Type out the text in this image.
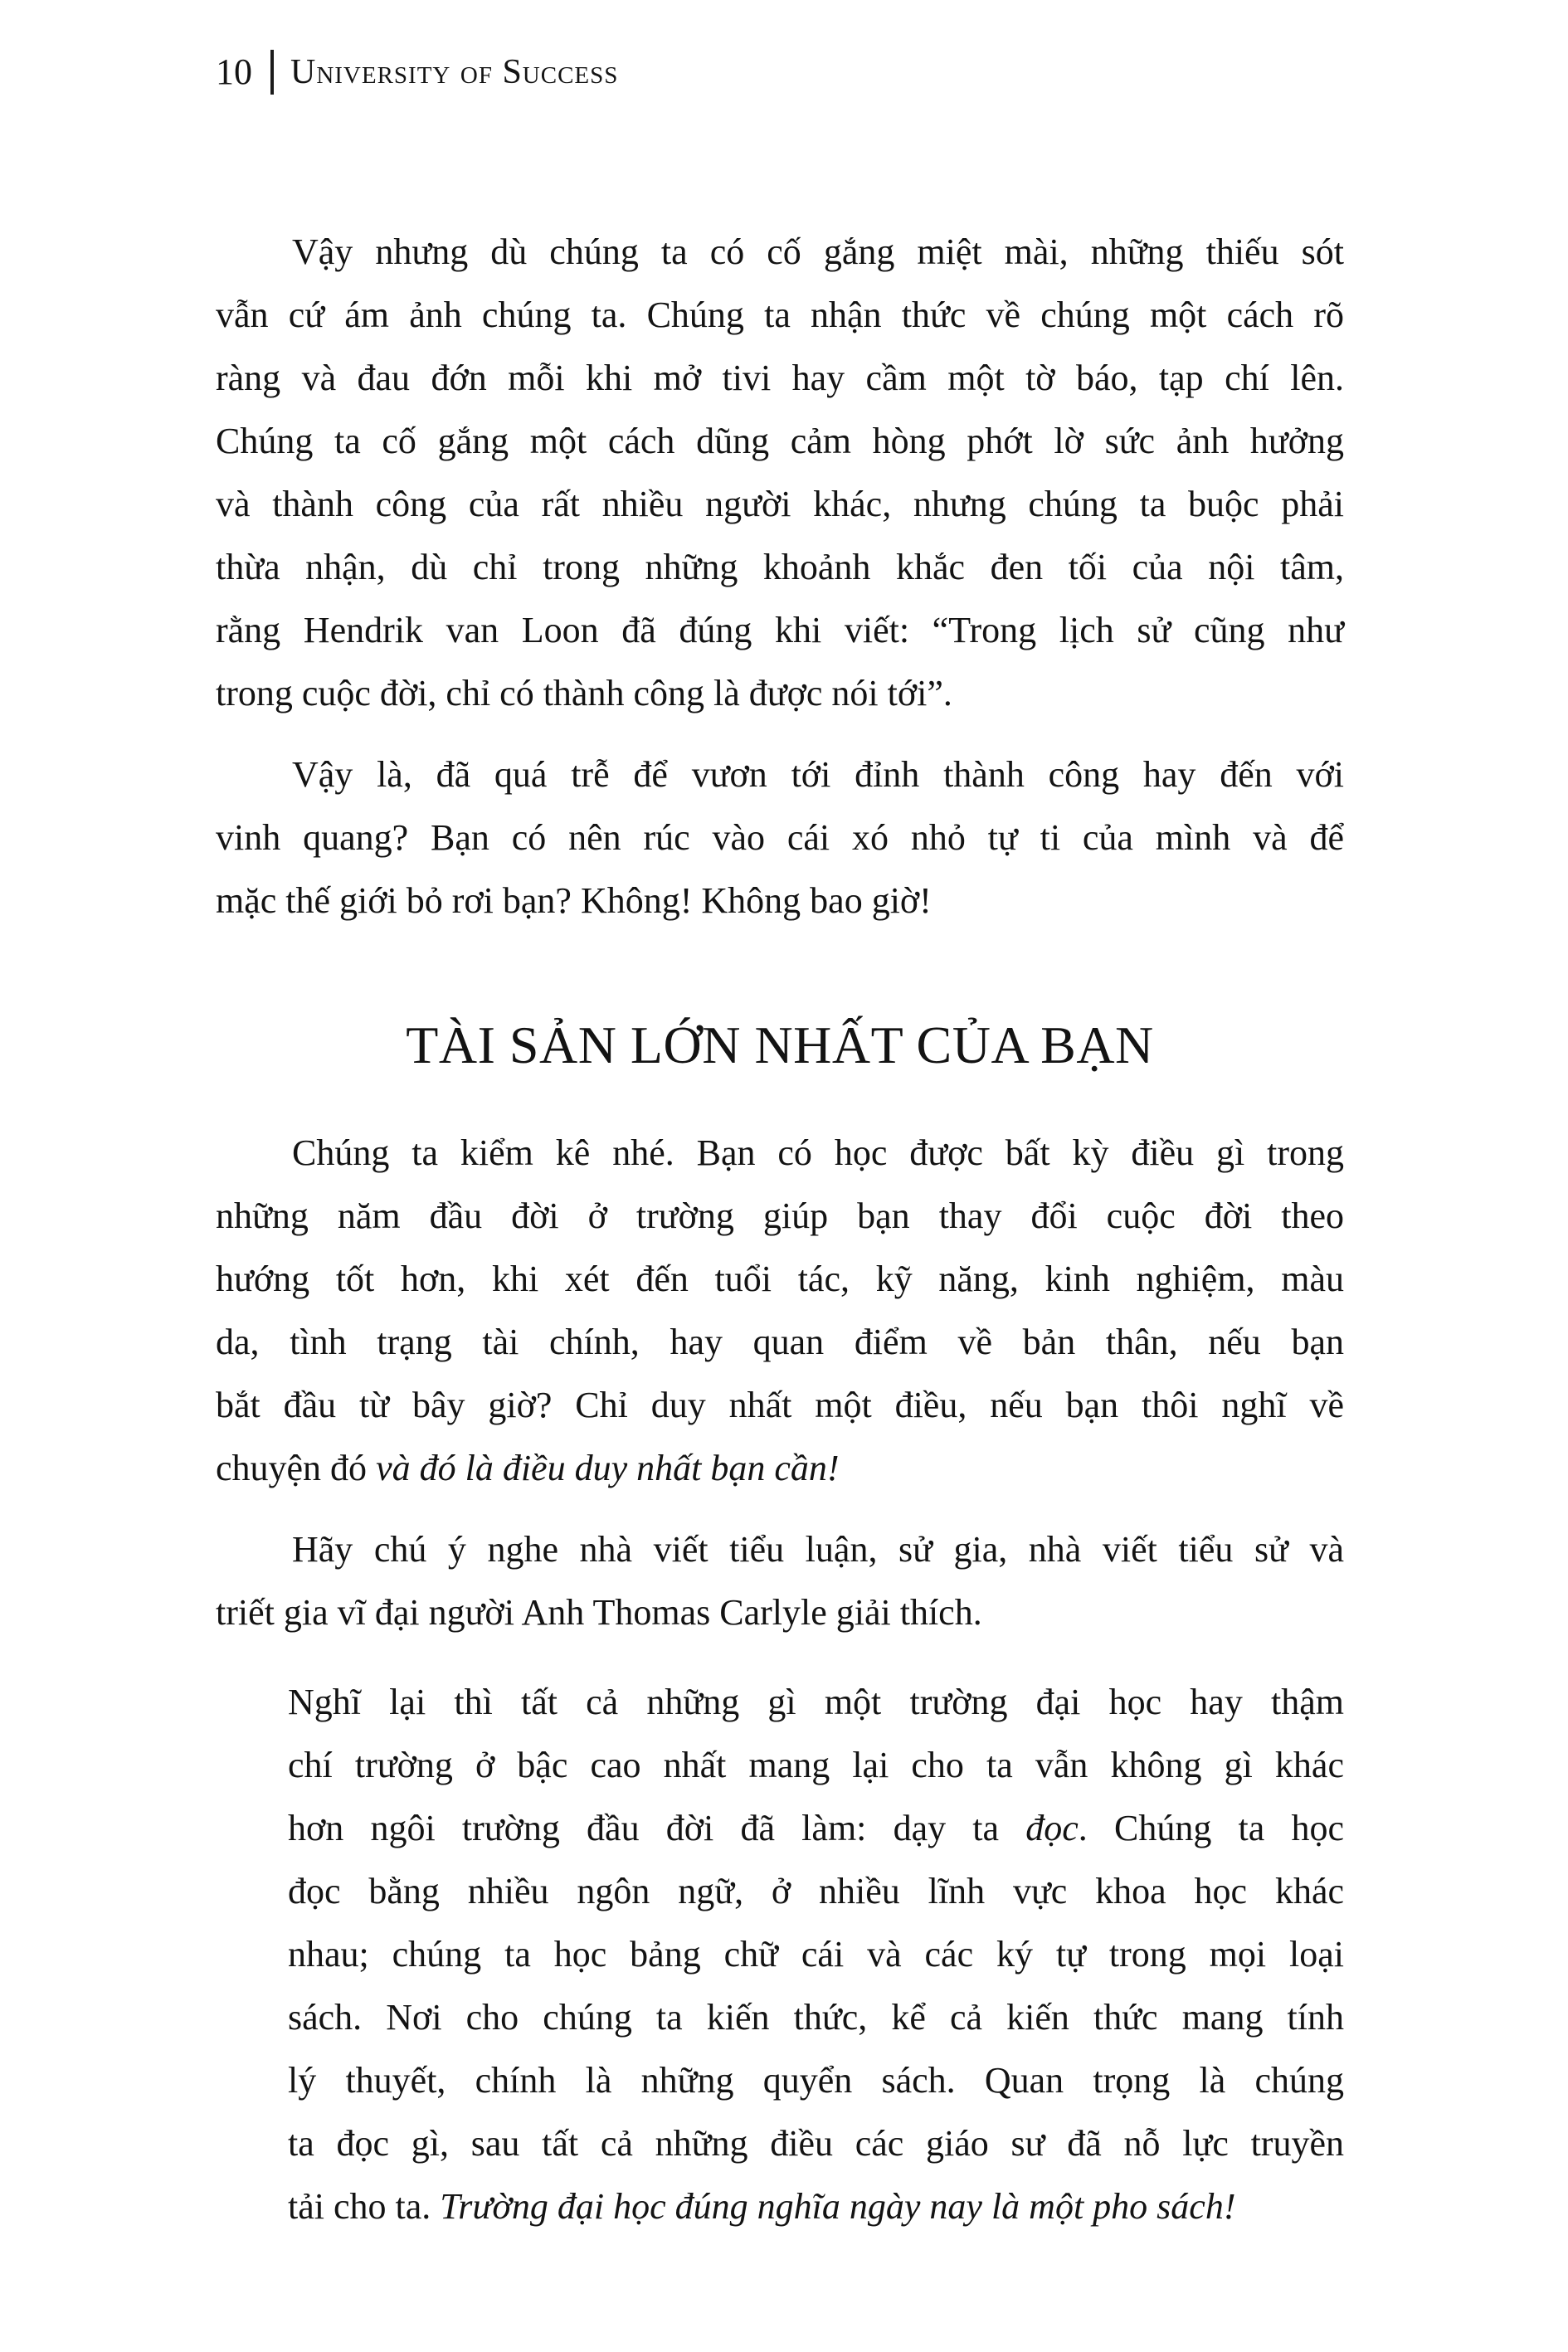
10 University of Success
Vậy nhưng dù chúng ta có cố gắng miệt mài, những thiếu sót
vẫn cứ ám ảnh chúng ta. Chúng ta nhận thức về chúng một cách rõ
ràng và đau đớn mỗi khi mở tivi hay cầm một tờ báo, tạp chí lên.
Chúng ta cố gắng một cách dũng cảm hòng phớt lờ sức ảnh hưởng
và thành công của rất nhiều người khác, nhưng chúng ta buộc phải
thừa nhận, dù chỉ trong những khoảnh khắc đen tối của nội tâm,
rằng Hendrik van Loon đã đúng khi viết: “Trong lịch sử cũng như
trong cuộc đời, chỉ có thành công là được nói tới”.
Vậy là, đã quá trễ để vươn tới đỉnh thành công hay đến với
vinh quang? Bạn có nên rúc vào cái xó nhỏ tự ti của mình và để
mặc thế giới bỏ rơi bạn? Không! Không bao giờ!
TÀI SẢN LỚN NHẤT CỦA BẠN
Chúng ta kiểm kê nhé. Bạn có học được bất kỳ điều gì trong
những năm đầu đời ở trường giúp bạn thay đổi cuộc đời theo
hướng tốt hơn, khi xét đến tuổi tác, kỹ năng, kinh nghiệm, màu
da, tình trạng tài chính, hay quan điểm về bản thân, nếu bạn
bắt đầu từ bây giờ? Chỉ duy nhất một điều, nếu bạn thôi nghĩ về
chuyện đó và đó là điều duy nhất bạn cần!
Hãy chú ý nghe nhà viết tiểu luận, sử gia, nhà viết tiểu sử và
triết gia vĩ đại người Anh Thomas Carlyle giải thích.
Nghĩ lại thì tất cả những gì một trường đại học hay thậm
chí trường ở bậc cao nhất mang lại cho ta vẫn không gì khác
hơn ngôi trường đầu đời đã làm: dạy ta đọc. Chúng ta học
đọc bằng nhiều ngôn ngữ, ở nhiều lĩnh vực khoa học khác
nhau; chúng ta học bảng chữ cái và các ký tự trong mọi loại
sách. Nơi cho chúng ta kiến thức, kể cả kiến thức mang tính
lý thuyết, chính là những quyển sách. Quan trọng là chúng
ta đọc gì, sau tất cả những điều các giáo sư đã nỗ lực truyền
tải cho ta. Trường đại học đúng nghĩa ngày nay là một pho sách!
